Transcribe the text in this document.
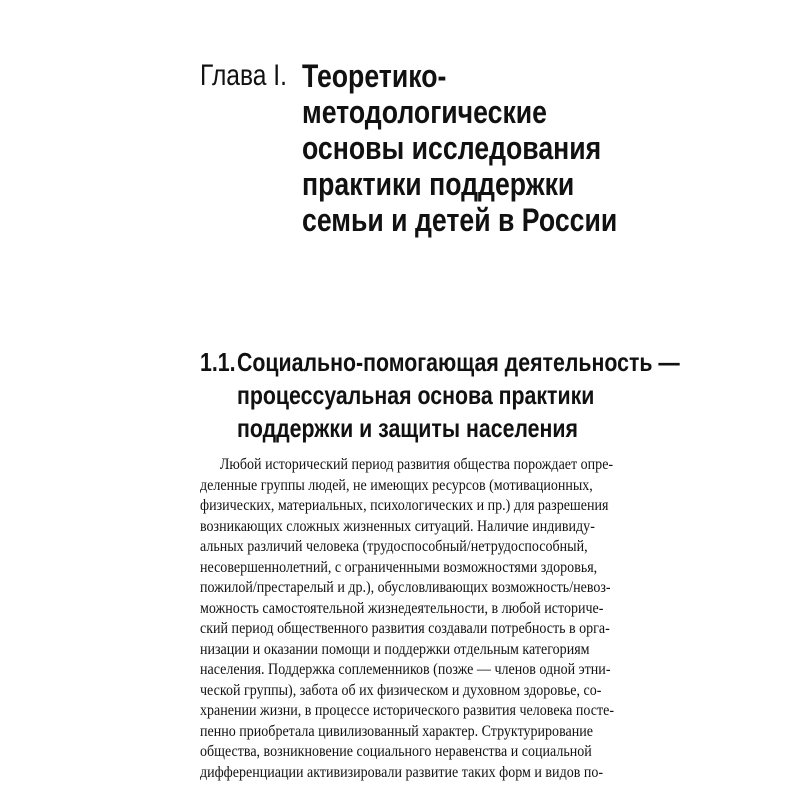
Глава I. Теоретико-
методологические
основы исследования
практики поддержки
семьи и детей в России
1.1. Социально-помогающая деятельность —
процессуальная основа практики
поддержки и защиты населения
Любой исторический период развития общества порождает опре-
деленные группы людей, не имеющих ресурсов (мотивационных,
физических, материальных, психологических и пр.) для разрешения
возникающих сложных жизненных ситуаций. Наличие индивиду-
альных различий человека (трудоспособный/нетрудоспособный,
несовершеннолетний, с ограниченными возможностями здоровья,
пожилой/престарелый и др.), обусловливающих возможность/невоз-
можность самостоятельной жизнедеятельности, в любой историче-
ский период общественного развития создавали потребность в орга-
низации и оказании помощи и поддержки отдельным категориям
населения. Поддержка соплеменников (позже — членов одной этни-
ческой группы), забота об их физическом и духовном здоровье, со-
хранении жизни, в процессе исторического развития человека посте-
пенно приобретала цивилизованный характер. Структурирование
общества, возникновение социального неравенства и социальной
дифференциации активизировали развитие таких форм и видов по-
